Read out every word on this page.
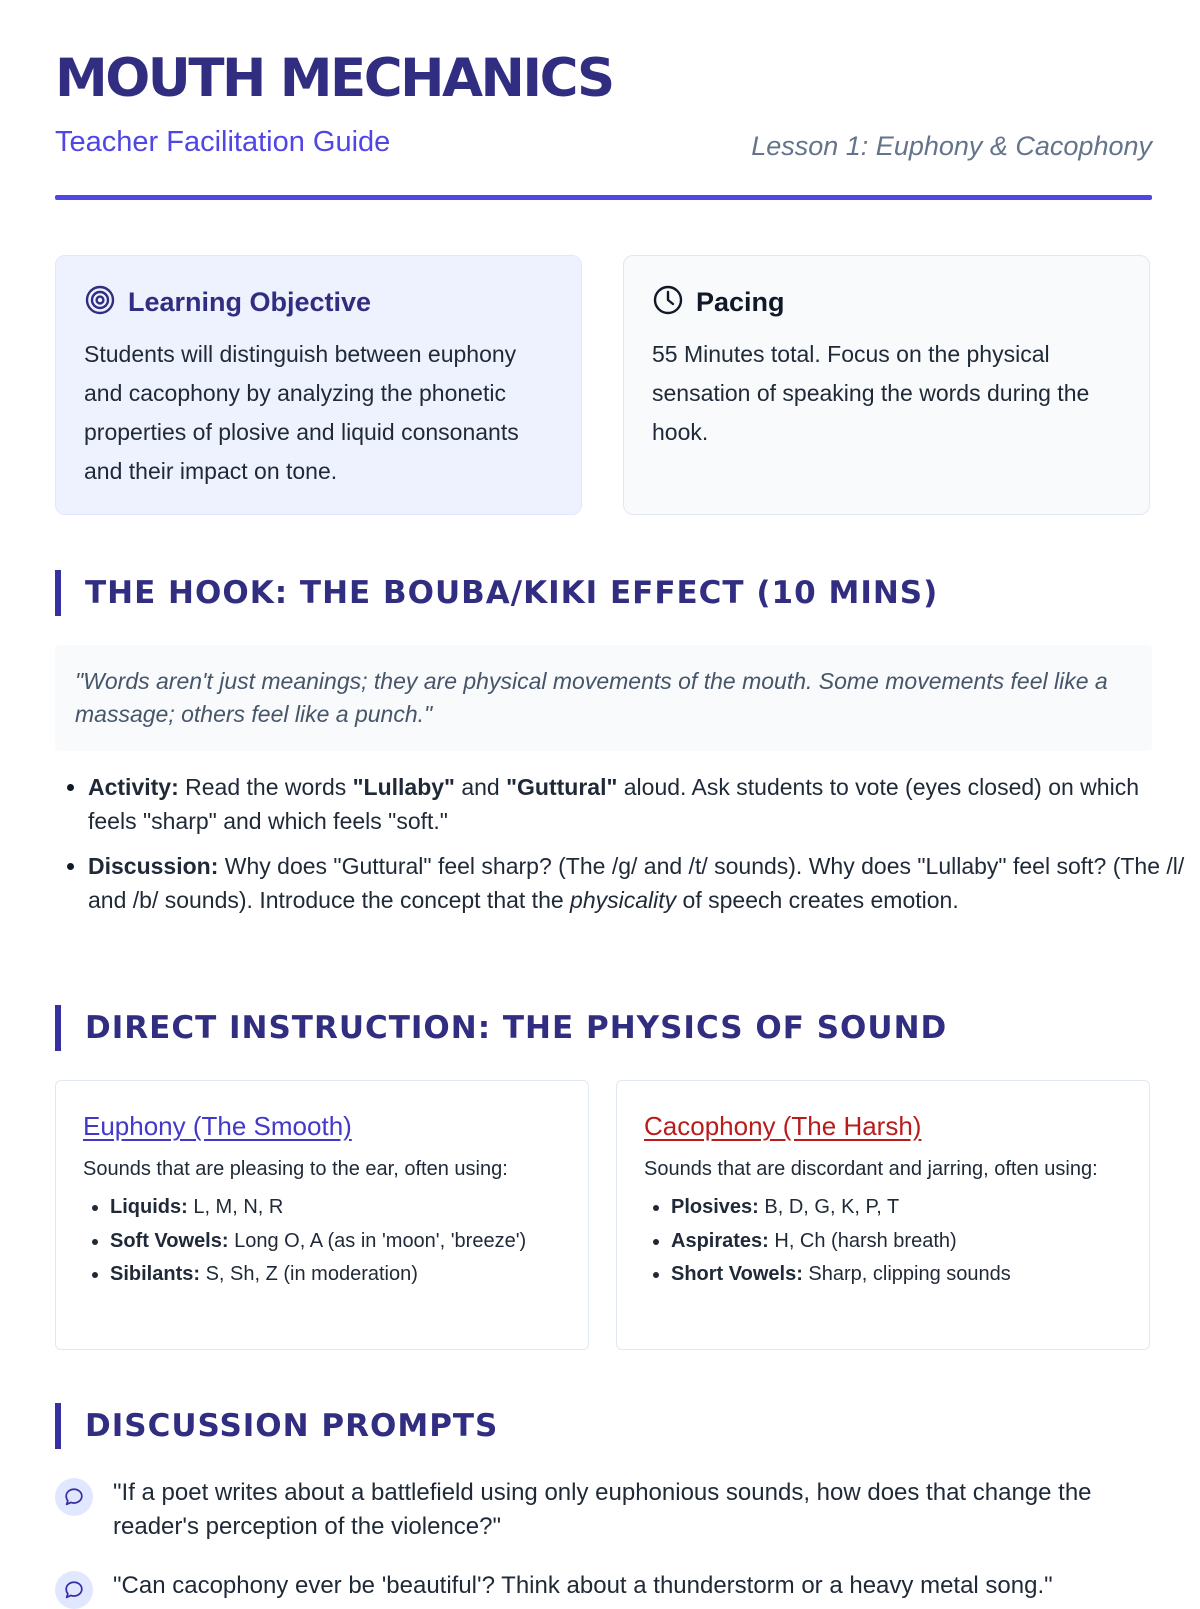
MOUTH MECHANICS
Teacher Facilitation Guide	Lesson 1: Euphony & Cacophony
Learning Objective
Students will distinguish between euphony and cacophony by analyzing the phonetic properties of plosive and liquid consonants and their impact on tone.
Pacing
55 Minutes total. Focus on the physical sensation of speaking the words during the hook.
THE HOOK: THE BOUBA/KIKI EFFECT (10 MINS)
"Words aren't just meanings; they are physical movements of the mouth. Some movements feel like a massage; others feel like a punch."
• Activity: Read the words "Lullaby" and "Guttural" aloud. Ask students to vote (eyes closed) on which feels "sharp" and which feels "soft."
• Discussion: Why does "Guttural" feel sharp? (The /g/ and /t/ sounds). Why does "Lullaby" feel soft? (The /l/ and /b/ sounds). Introduce the concept that the physicality of speech creates emotion.
DIRECT INSTRUCTION: THE PHYSICS OF SOUND
Euphony (The Smooth)
Sounds that are pleasing to the ear, often using:
• Liquids: L, M, N, R
• Soft Vowels: Long O, A (as in 'moon', 'breeze')
• Sibilants: S, Sh, Z (in moderation)
Cacophony (The Harsh)
Sounds that are discordant and jarring, often using:
• Plosives: B, D, G, K, P, T
• Aspirates: H, Ch (harsh breath)
• Short Vowels: Sharp, clipping sounds
DISCUSSION PROMPTS
"If a poet writes about a battlefield using only euphonious sounds, how does that change the reader's perception of the violence?"
"Can cacophony ever be 'beautiful'? Think about a thunderstorm or a heavy metal song."
